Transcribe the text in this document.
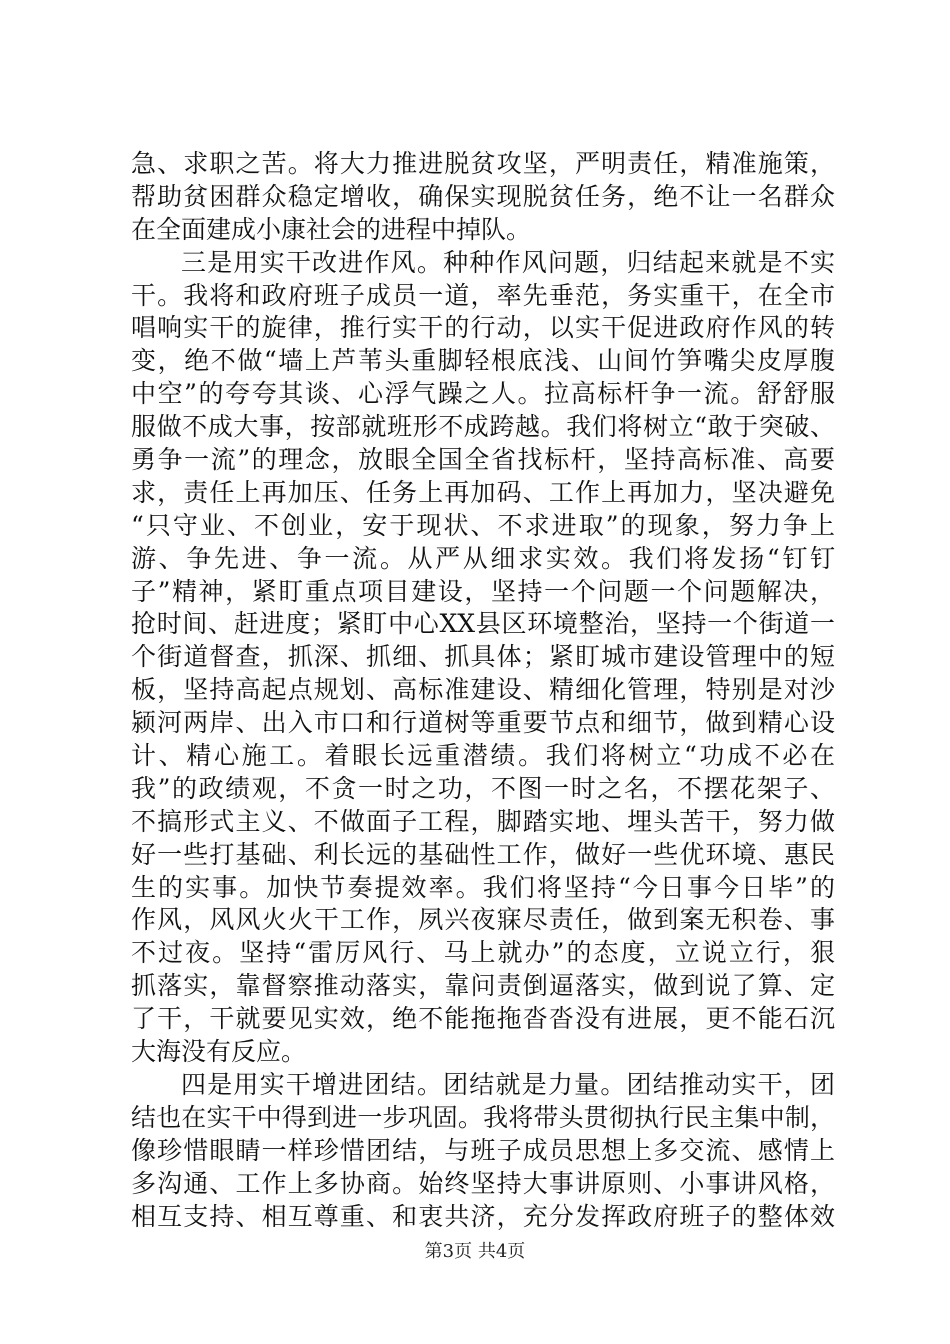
急、求职之苦。将大力推进脱贫攻坚，严明责任，精准施策，
帮助贫困群众稳定增收，确保实现脱贫任务，绝不让一名群众
在全面建成小康社会的进程中掉队。
三是用实干改进作风。种种作风问题，归结起来就是不实
干。我将和政府班子成员一道，率先垂范，务实重干，在全市
唱响实干的旋律，推行实干的行动，以实干促进政府作风的转
变，绝不做“墙上芦苇头重脚轻根底浅、山间竹笋嘴尖皮厚腹
中空”的夸夸其谈、心浮气躁之人。拉高标杆争一流。舒舒服
服做不成大事，按部就班形不成跨越。我们将树立“敢于突破、
勇争一流”的理念，放眼全国全省找标杆，坚持高标准、高要
求，责任上再加压、任务上再加码、工作上再加力，坚决避免
“只守业、不创业，安于现状、不求进取”的现象，努力争上
游、争先进、争一流。从严从细求实效。我们将发扬“钉钉
子”精神，紧盯重点项目建设，坚持一个问题一个问题解决，
抢时间、赶进度；紧盯中心XX县区环境整治，坚持一个街道一
个街道督查，抓深、抓细、抓具体；紧盯城市建设管理中的短
板，坚持高起点规划、高标准建设、精细化管理，特别是对沙
颍河两岸、出入市口和行道树等重要节点和细节，做到精心设
计、精心施工。着眼长远重潜绩。我们将树立“功成不必在
我”的政绩观，不贪一时之功，不图一时之名，不摆花架子、
不搞形式主义、不做面子工程，脚踏实地、埋头苦干，努力做
好一些打基础、利长远的基础性工作，做好一些优环境、惠民
生的实事。加快节奏提效率。我们将坚持“今日事今日毕”的
作风，风风火火干工作，夙兴夜寐尽责任，做到案无积卷、事
不过夜。坚持“雷厉风行、马上就办”的态度，立说立行，狠
抓落实，靠督察推动落实，靠问责倒逼落实，做到说了算、定
了干，干就要见实效，绝不能拖拖沓沓没有进展，更不能石沉
大海没有反应。
四是用实干增进团结。团结就是力量。团结推动实干，团
结也在实干中得到进一步巩固。我将带头贯彻执行民主集中制，
像珍惜眼睛一样珍惜团结，与班子成员思想上多交流、感情上
多沟通、工作上多协商。始终坚持大事讲原则、小事讲风格，
相互支持、相互尊重、和衷共济，充分发挥政府班子的整体效
第3页 共4页
